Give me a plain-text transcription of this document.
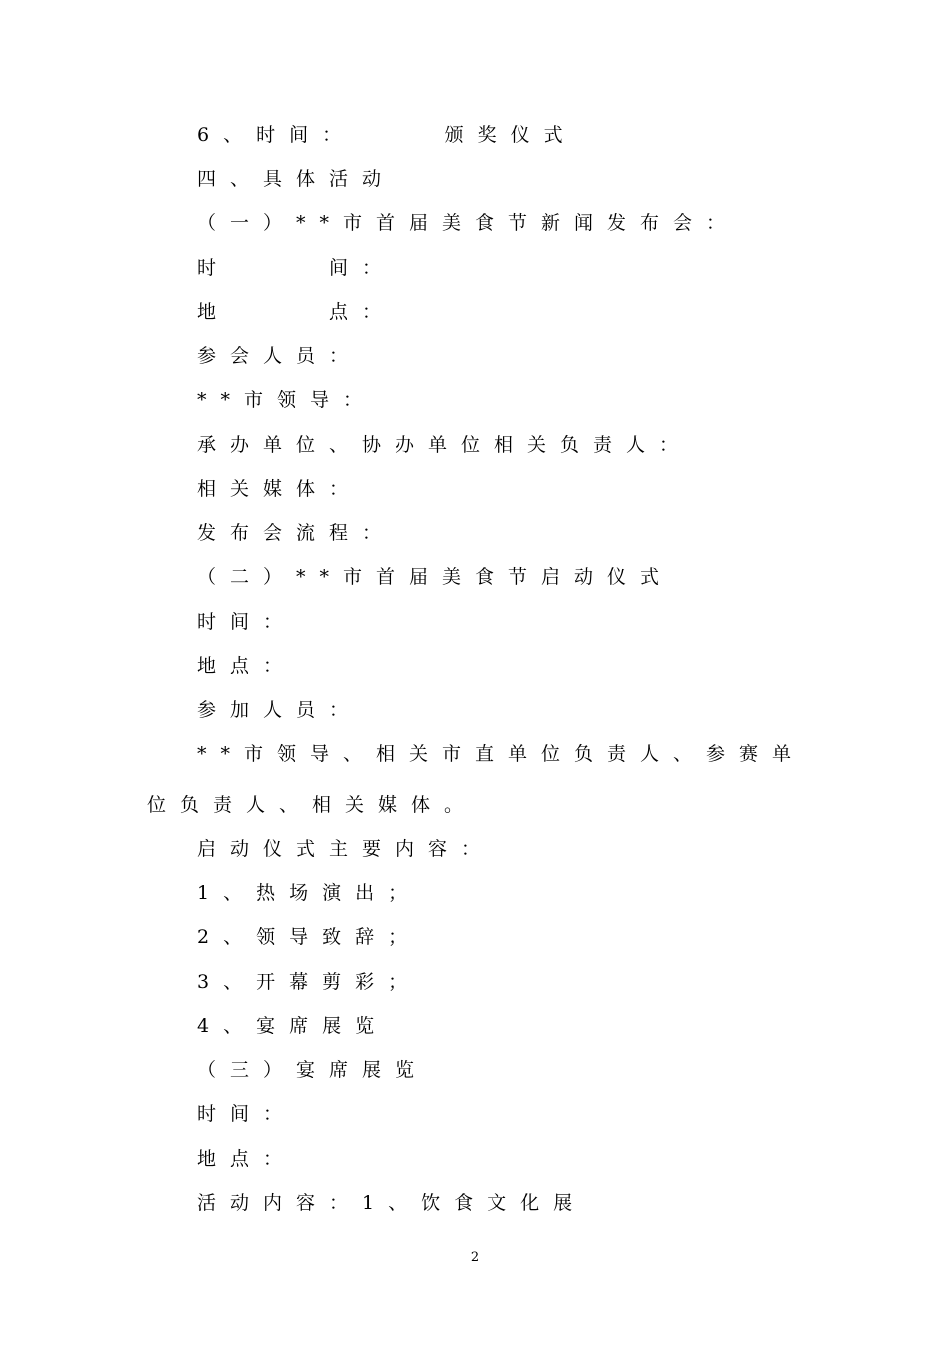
6、时间：　　　颁奖仪式
四、具体活动
（一）**市首届美食节新闻发布会：
时　　　间：
地　　　点：
参会人员：
**市领导：
承办单位、协办单位相关负责人：
相关媒体：
发布会流程：
（二）**市首届美食节启动仪式
时间：
地点：
参加人员：
**市领导、相关市直单位负责人、参赛单
位负责人、相关媒体。
启动仪式主要内容：
1、热场演出；
2、领导致辞；
3、开幕剪彩；
4、宴席展览
（三）宴席展览
时间：
地点：
活动内容：1、饮食文化展
2
